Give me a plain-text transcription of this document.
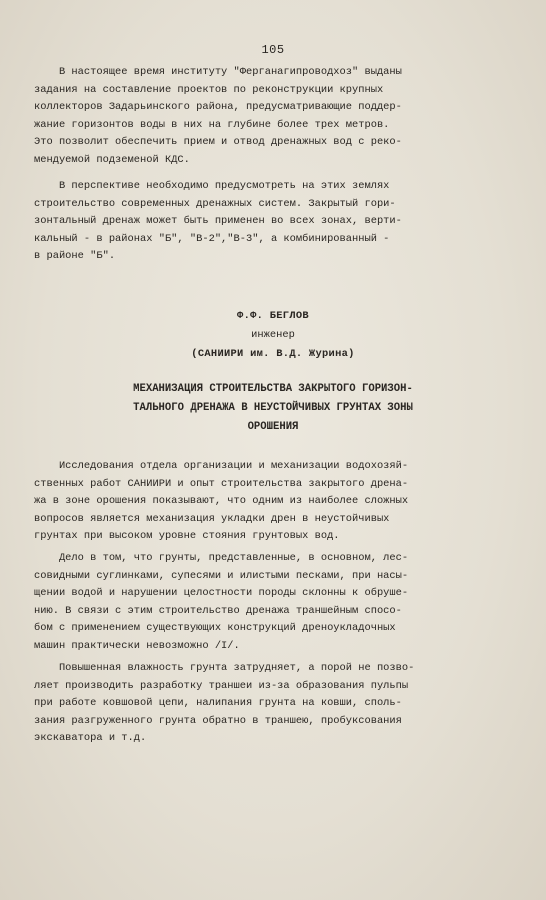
105
В настоящее время институту "Ферганагипроводхоз" выданы
задания на составление проектов по реконструкции крупных
коллекторов Задарьинского района, предусматривающие поддер-
жание горизонтов воды в них на глубине более трех метров.
Это позволит обеспечить прием и отвод дренажных вод с реко-
мендуемой подземеной КДС.
В перспективе необходимо предусмотреть на этих землях
строительство современных дренажных систем. Закрытый гори-
зонтальный дренаж может быть применен во всех зонах, верти-
кальный - в районах "Б", "В-2","В-3", а комбинированный -
в районе "Б".
Ф.Ф. БЕГЛОВ
инженер
(САНИИРИ им. В.Д. Журина)
МЕХАНИЗАЦИЯ СТРОИТЕЛЬСТВА ЗАКРЫТОГО ГОРИЗОН-
ТАЛЬНОГО ДРЕНАЖА В НЕУСТОЙЧИВЫХ ГРУНТАХ ЗОНЫ
ОРОШЕНИЯ
Исследования отдела организации и механизации водохозяй-
ственных работ САНИИРИ и опыт строительства закрытого дрена-
жа в зоне орошения показывают, что одним из наиболее сложных
вопросов является механизация укладки дрен в неустойчивых
грунтах при высоком уровне стояния грунтовых вод.
Дело в том, что грунты, представленные, в основном, лес-
совидными суглинками, супесями и илистыми песками, при насы-
щении водой и нарушении целостности породы склонны к обруше-
нию. В связи с этим строительство дренажа траншейным спосо-
бом с применением существующих конструкций дреноукладочных
машин практически невозможно /I/.
Повышенная влажность грунта затрудняет, а порой не позво-
ляет производить разработку траншеи из-за образования пульпы
при работе ковшовой цепи, налипания грунта на ковши, споль-
зания разгруженного грунта обратно в траншею, пробуксования
экскаватора и т.д.
